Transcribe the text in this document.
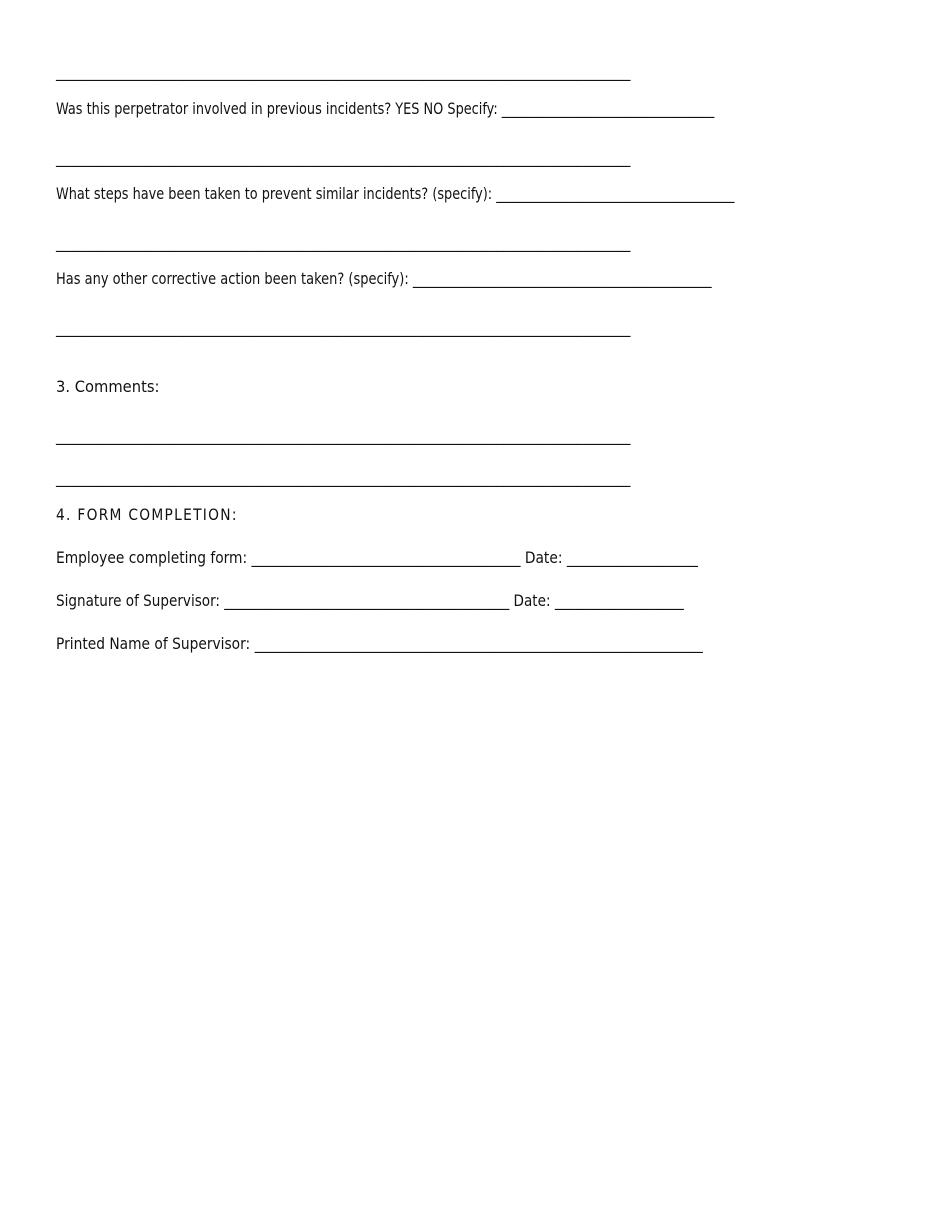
______________________________________________________________________________________
Was this perpetrator involved in previous incidents? YES NO Specify: _________________________________
______________________________________________________________________________________
What steps have been taken to prevent similar incidents? (specify): _____________________________________
______________________________________________________________________________________
Has any other corrective action been taken? (specify): ______________________________________________
______________________________________________________________________________________
3. Comments:
______________________________________________________________________________________
______________________________________________________________________________________
4. FORM COMPLETION:
Employee completing form: _______________________________________ Date: ___________________
Signature of Supervisor: __________________________________________ Date: ___________________
Printed Name of Supervisor: _________________________________________________________________
